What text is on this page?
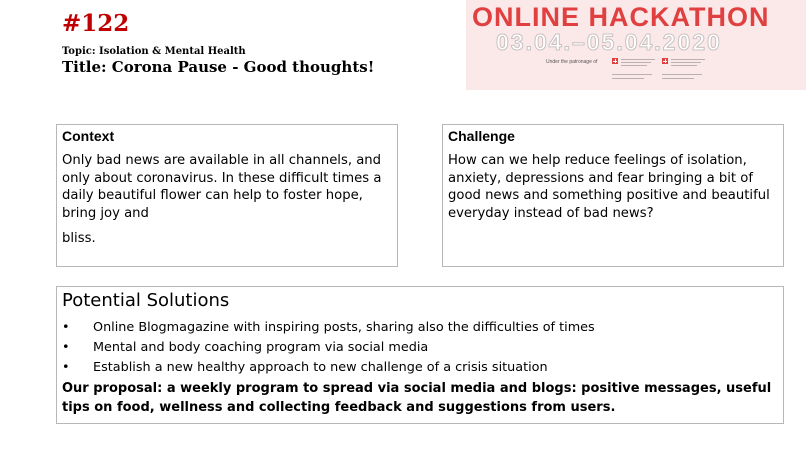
#122
Topic: Isolation & Mental Health
Title: Corona Pause - Good thoughts!
ONLINE HACKATHON
03.04.–05.04.2020
Under the patronage of
Context
Only bad news are available in all channels, and only about coronavirus. In these difficult times a daily beautiful flower can help to foster hope, bring joy and
bliss.
Challenge
How can we help reduce feelings of isolation, anxiety, depressions and fear bringing a bit of good news and something positive and beautiful everyday instead of bad news?
Potential Solutions
• Online Blogmagazine with inspiring posts, sharing also the difficulties of times
• Mental and body coaching program via social media
• Establish a new healthy approach to new challenge of a crisis situation
Our proposal: a weekly program to spread via social media and blogs: positive messages, useful tips on food, wellness and collecting feedback and suggestions from users.
